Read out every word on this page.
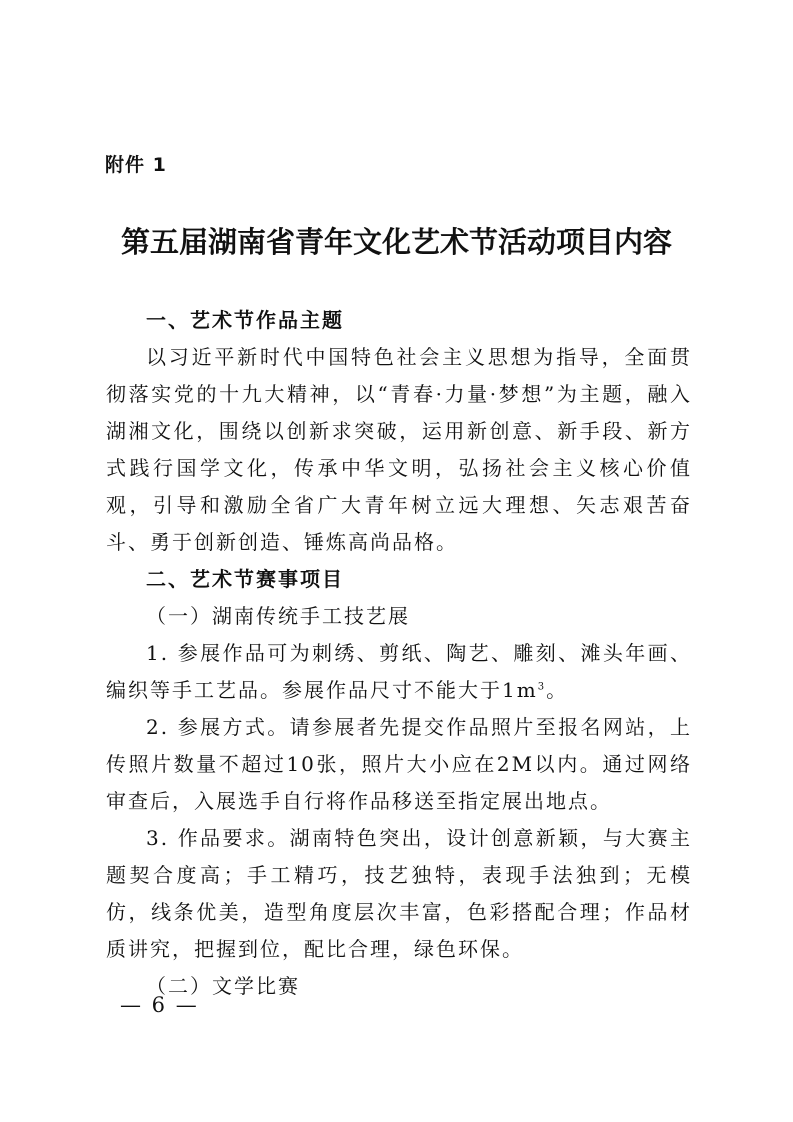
附件 1
第五届湖南省青年文化艺术节活动项目内容

一、艺术节作品主题

以习近平新时代中国特色社会主义思想为指导，全面贯彻落实党的十九大精神，以“青春·力量·梦想”为主题，融入湖湘文化，围绕以创新求突破，运用新创意、新手段、新方式践行国学文化，传承中华文明，弘扬社会主义核心价值观，引导和激励全省广大青年树立远大理想、矢志艰苦奋斗、勇于创新创造、锤炼高尚品格。

二、艺术节赛事项目

（一）湖南传统手工技艺展

1. 参展作品可为刺绣、剪纸、陶艺、雕刻、滩头年画、编织等手工艺品。参展作品尺寸不能大于$1m^3$。

2. 参展方式。请参展者先提交作品照片至报名网站，上传照片数量不超过10张，照片大小应在2M以内。通过网络审查后，入展选手自行将作品移送至指定展出地点。

3. 作品要求。湖南特色突出，设计创意新颖，与大赛主题契合度高；手工精巧，技艺独特，表现手法独到；无模仿，线条优美，造型角度层次丰富，色彩搭配合理；作品材质讲究，把握到位，配比合理，绿色环保。

（二）文学比赛

— 6 —
